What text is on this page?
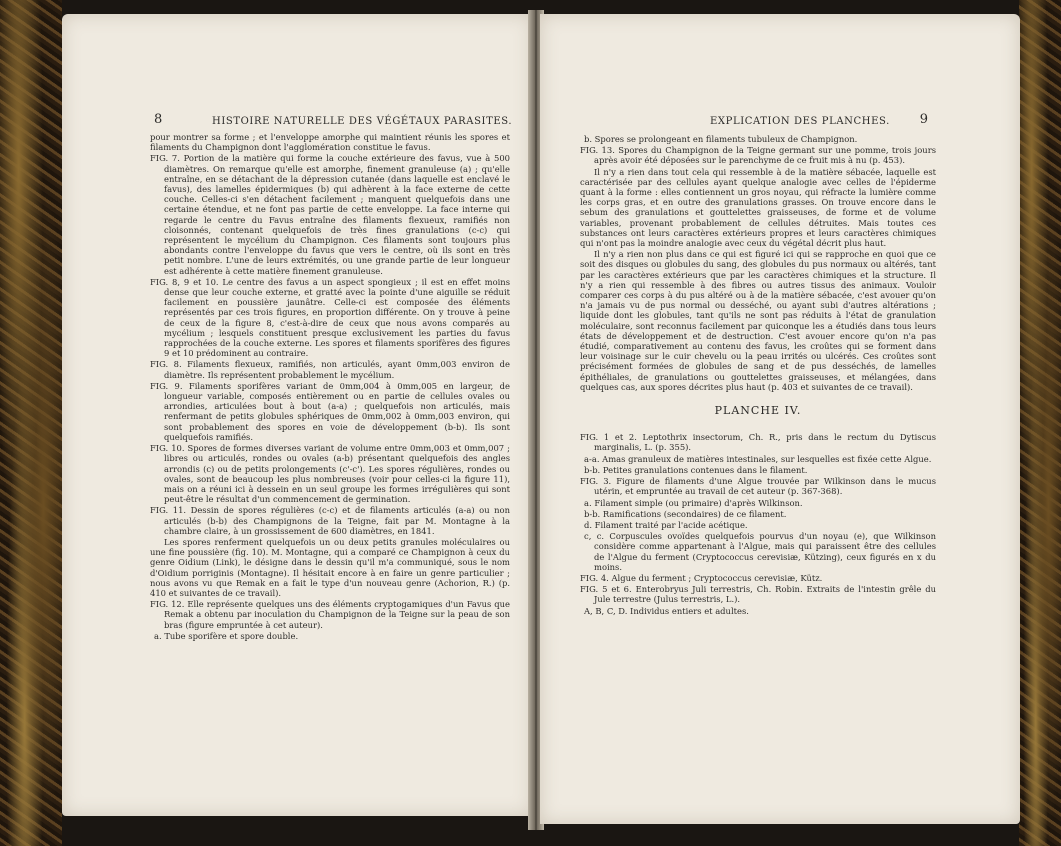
8	HISTOIRE NATURELLE DES VÉGÉTAUX PARASITES.

pour montrer sa forme ; et l'enveloppe amorphe qui maintient réunis les spores et filaments du Champignon dont l'agglomération constitue le favus.

FIG. 7. Portion de la matière qui forme la couche extérieure des favus, vue à 500 diamètres. On remarque qu'elle est amorphe, finement granuleuse (a) ; qu'elle entraîne, en se détachant de la dépression cutanée (dans laquelle est enclavé le favus), des lamelles épidermiques (b) qui adhèrent à la face externe de cette couche. Celles-ci s'en détachent facilement ; manquent quelquefois dans une certaine étendue, et ne font pas partie de cette enveloppe. La face interne qui regarde le centre du Favus entraîne des filaments flexueux, ramifiés non cloisonnés, contenant quelquefois de très fines granulations (c-c) qui représentent le mycélium du Champignon. Ces filaments sont toujours plus abondants contre l'enveloppe du favus que vers le centre, où ils sont en très petit nombre. L'une de leurs extrémités, ou une grande partie de leur longueur est adhérente à cette matière finement granuleuse.

FIG. 8, 9 et 10. Le centre des favus a un aspect spongieux ; il est en effet moins dense que leur couche externe, et gratté avec la pointe d'une aiguille se réduit facilement en poussière jaunâtre. Celle-ci est composée des éléments représentés par ces trois figures, en proportion différente. On y trouve à peine de ceux de la figure 8, c'est-à-dire de ceux que nous avons comparés au mycélium ; lesquels constituent presque exclusivement les parties du favus rapprochées de la couche externe. Les spores et filaments sporifères des figures 9 et 10 prédominent au contraire.

FIG. 8. Filaments flexueux, ramifiés, non articulés, ayant 0mm,003 environ de diamètre. Ils représentent probablement le mycélium.

FIG. 9. Filaments sporifères variant de 0mm,004 à 0mm,005 en largeur, de longueur variable, composés entièrement ou en partie de cellules ovales ou arrondies, articulées bout à bout (a-a) ; quelquefois non articulés, mais renfermant de petits globules sphériques de 0mm,002 à 0mm,003 environ, qui sont probablement des spores en voie de développement (b-b). Ils sont quelquefois ramifiés.

FIG. 10. Spores de formes diverses variant de volume entre 0mm,003 et 0mm,007 ; libres ou articulés, rondes ou ovales (a-b) présentant quelquefois des angles arrondis (c) ou de petits prolongements (c'-c'). Les spores régulières, rondes ou ovales, sont de beaucoup les plus nombreuses (voir pour celles-ci la figure 11), mais on a réuni ici à dessein en un seul groupe les formes irrégulières qui sont peut-être le résultat d'un commencement de germination.

FIG. 11. Dessin de spores régulières (c-c) et de filaments articulés (a-a) ou non articulés (b-b) des Champignons de la Teigne, fait par M. Montagne à la chambre claire, à un grossissement de 600 diamètres, en 1841.

Les spores renferment quelquefois un ou deux petits granules moléculaires ou une fine poussière (fig. 10). M. Montagne, qui a comparé ce Champignon à ceux du genre Oidium (Link), le désigne dans le dessin qu'il m'a communiqué, sous le nom d'Oidium porriginis (Montagne). Il hésitait encore à en faire un genre particulier ; nous avons vu que Remak en a fait le type d'un nouveau genre (Achorion, R.) (p. 410 et suivantes de ce travail).

FIG. 12. Elle représente quelques uns des éléments cryptogamiques d'un Favus que Remak a obtenu par inoculation du Champignon de la Teigne sur la peau de son bras (figure empruntée à cet auteur).

a. Tube sporifère et spore double.

9
EXPLICATION DES PLANCHES.

b. Spores se prolongeant en filaments tubuleux de Champignon.

FIG. 13. Spores du Champignon de la Teigne germant sur une pomme, trois jours après avoir été déposées sur le parenchyme de ce fruit mis à nu (p. 453).

Il n'y a rien dans tout cela qui ressemble à de la matière sébacée, laquelle est caractérisée par des cellules ayant quelque analogie avec celles de l'épiderme quant à la forme : elles contiennent un gros noyau, qui réfracte la lumière comme les corps gras, et en outre des granulations grasses. On trouve encore dans le sebum des granulations et gouttelettes graisseuses, de forme et de volume variables, provenant probablement de cellules détruites. Mais toutes ces substances ont leurs caractères extérieurs propres et leurs caractères chimiques qui n'ont pas la moindre analogie avec ceux du végétal décrit plus haut.

Il n'y a rien non plus dans ce qui est figuré ici qui se rapproche en quoi que ce soit des disques ou globules du sang, des globules du pus normaux ou altérés, tant par les caractères extérieurs que par les caractères chimiques et la structure. Il n'y a rien qui ressemble à des fibres ou autres tissus des animaux. Vouloir comparer ces corps à du pus altéré ou à de la matière sébacée, c'est avouer qu'on n'a jamais vu de pus normal ou desséché, ou ayant subi d'autres altérations ; liquide dont les globules, tant qu'ils ne sont pas réduits à l'état de granulation moléculaire, sont reconnus facilement par quiconque les a étudiés dans tous leurs états de développement et de destruction. C'est avouer encore qu'on n'a pas étudié, comparativement au contenu des favus, les croûtes qui se forment dans leur voisinage sur le cuir chevelu ou la peau irrités ou ulcérés. Ces croûtes sont précisément formées de globules de sang et de pus desséchés, de lamelles épithéliales, de granulations ou gouttelettes graisseuses, et mélangées, dans quelques cas, aux spores décrites plus haut (p. 403 et suivantes de ce travail).

PLANCHE IV.

FIG. 1 et 2. Leptothrix insectorum, Ch. R., pris dans le rectum du Dytiscus marginalis, L. (p. 355).

a-a. Amas granuleux de matières intestinales, sur lesquelles est fixée cette Algue.

b-b. Petites granulations contenues dans le filament.

FIG. 3. Figure de filaments d'une Algue trouvée par Wilkinson dans le mucus utérin, et empruntée au travail de cet auteur (p. 367-368).

a. Filament simple (ou primaire) d'après Wilkinson.

b-b. Ramifications (secondaires) de ce filament.

d. Filament traité par l'acide acétique.

c, c. Corpuscules ovoïdes quelquefois pourvus d'un noyau (e), que Wilkinson considère comme appartenant à l'Algue, mais qui paraissent être des cellules de l'Algue du ferment (Cryptococcus cerevisiæ, Kützing), ceux figurés en x du moins.

FIG. 4. Algue du ferment ; Cryptococcus cerevisiæ, Kütz.

FIG. 5 et 6. Enterobryus Juli terrestris, Ch. Robin. Extraits de l'intestin grêle du Jule terrestre (Julus terrestris, L.).

A, B, C, D. Individus entiers et adultes.
